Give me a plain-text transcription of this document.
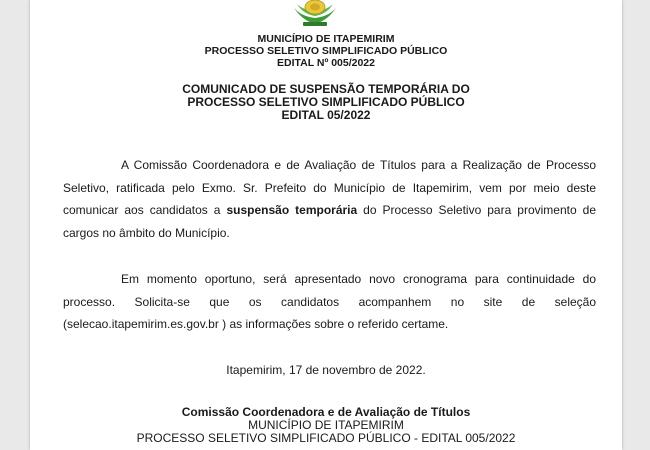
MUNICÍPIO DE ITAPEMIRIM
PROCESSO SELETIVO SIMPLIFICADO PÚBLICO
EDITAL Nº 005/2022
COMUNICADO DE SUSPENSÃO TEMPORÁRIA DO
PROCESSO SELETIVO SIMPLIFICADO PÚBLICO
EDITAL 05/2022
A Comissão Coordenadora e de Avaliação de Títulos para a Realização de Processo Seletivo, ratificada pelo Exmo. Sr. Prefeito do Município de Itapemirim, vem por meio deste comunicar aos candidatos a suspensão temporária do Processo Seletivo para provimento de cargos no âmbito do Município.
Em momento oportuno, será apresentado novo cronograma para continuidade do processo. Solicita-se que os candidatos acompanhem no site de seleção (selecao.itapemirim.es.gov.br ) as informações sobre o referido certame.
Itapemirim, 17 de novembro de 2022.
Comissão Coordenadora e de Avaliação de Títulos
MUNICÍPIO DE ITAPEMIRIM
PROCESSO SELETIVO SIMPLIFICADO PÚBLICO - EDITAL 005/2022
